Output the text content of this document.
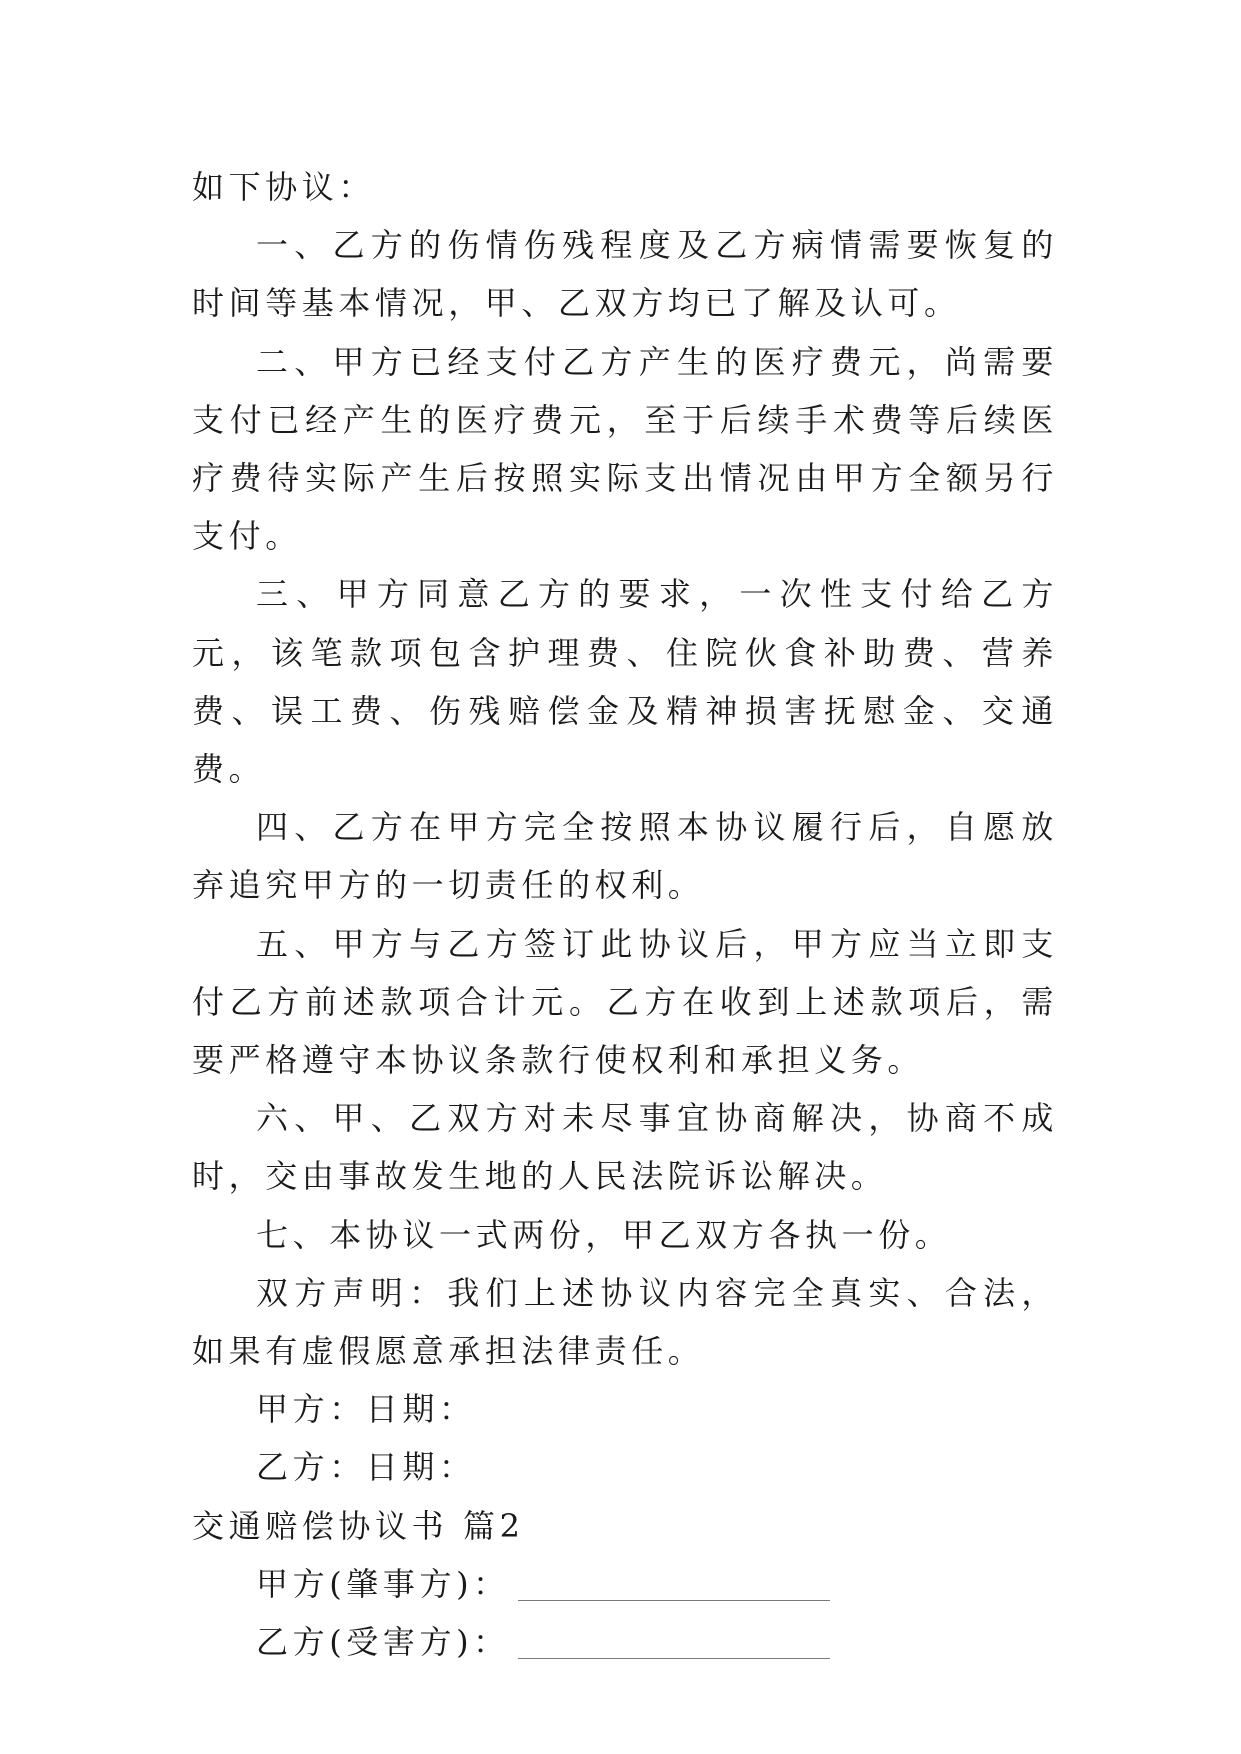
如下协议：

一、乙方的伤情伤残程度及乙方病情需要恢复的时间等基本情况，甲、乙双方均已了解及认可。

二、甲方已经支付乙方产生的医疗费元，尚需要支付已经产生的医疗费元，至于后续手术费等后续医疗费待实际产生后按照实际支出情况由甲方全额另行支付。

三、甲方同意乙方的要求，一次性支付给乙方元，该笔款项包含护理费、住院伙食补助费、营养费、误工费、伤残赔偿金及精神损害抚慰金、交通费。

四、乙方在甲方完全按照本协议履行后，自愿放弃追究甲方的一切责任的权利。

五、甲方与乙方签订此协议后，甲方应当立即支付乙方前述款项合计元。乙方在收到上述款项后，需要严格遵守本协议条款行使权利和承担义务。

六、甲、乙双方对未尽事宜协商解决，协商不成时，交由事故发生地的人民法院诉讼解决。

七、本协议一式两份，甲乙双方各执一份。

双方声明：我们上述协议内容完全真实、合法，如果有虚假愿意承担法律责任。

甲方：日期：

乙方：日期：

交通赔偿协议书 篇2

甲方(肇事方)：

乙方(受害方)：
